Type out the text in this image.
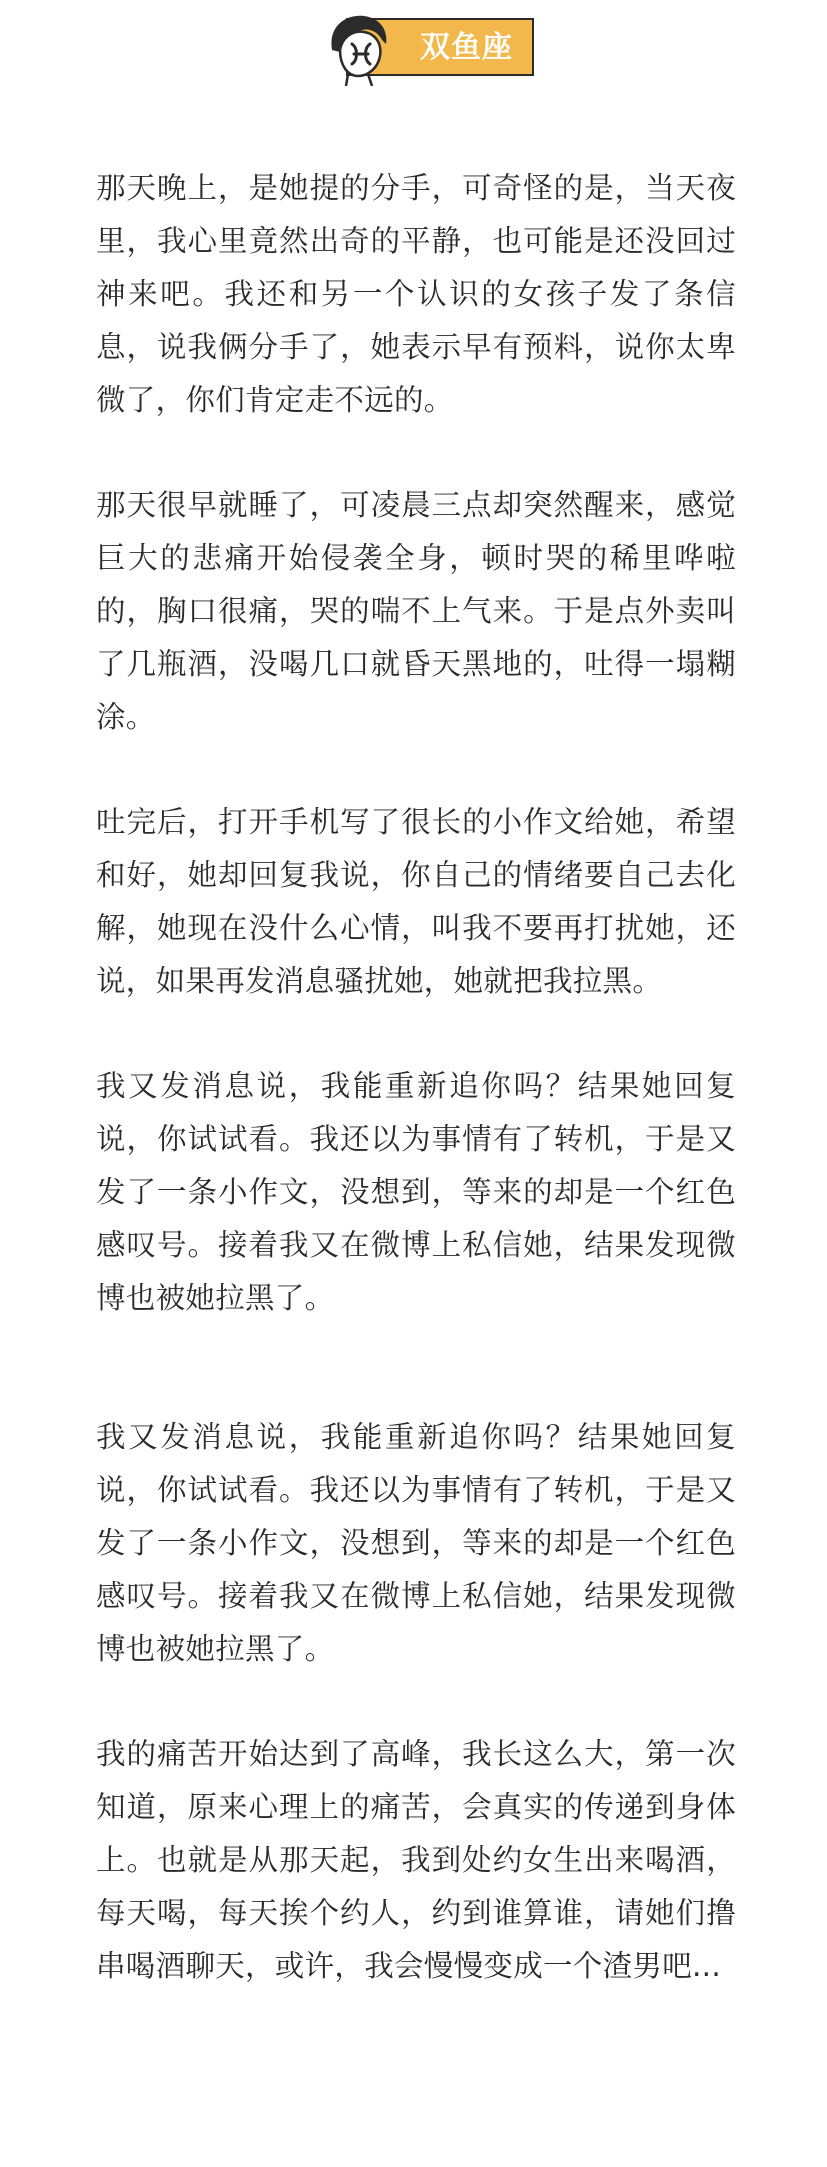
双鱼座

那天晚上，是她提的分手，可奇怪的是，当天夜里，我心里竟然出奇的平静，也可能是还没回过神来吧。我还和另一个认识的女孩子发了条信息，说我俩分手了，她表示早有预料，说你太卑微了，你们肯定走不远的。

那天很早就睡了，可凌晨三点却突然醒来，感觉巨大的悲痛开始侵袭全身，顿时哭的稀里哗啦的，胸口很痛，哭的喘不上气来。于是点外卖叫了几瓶酒，没喝几口就昏天黑地的，吐得一塌糊涂。

吐完后，打开手机写了很长的小作文给她，希望和好，她却回复我说，你自己的情绪要自己去化解，她现在没什么心情，叫我不要再打扰她，还说，如果再发消息骚扰她，她就把我拉黑。

我又发消息说，我能重新追你吗？结果她回复说，你试试看。我还以为事情有了转机，于是又发了一条小作文，没想到，等来的却是一个红色感叹号。接着我又在微博上私信她，结果发现微博也被她拉黑了。

我又发消息说，我能重新追你吗？结果她回复说，你试试看。我还以为事情有了转机，于是又发了一条小作文，没想到，等来的却是一个红色感叹号。接着我又在微博上私信她，结果发现微博也被她拉黑了。

我的痛苦开始达到了高峰，我长这么大，第一次知道，原来心理上的痛苦，会真实的传递到身体上。也就是从那天起，我到处约女生出来喝酒，每天喝，每天挨个约人，约到谁算谁，请她们撸串喝酒聊天，或许，我会慢慢变成一个渣男吧...
